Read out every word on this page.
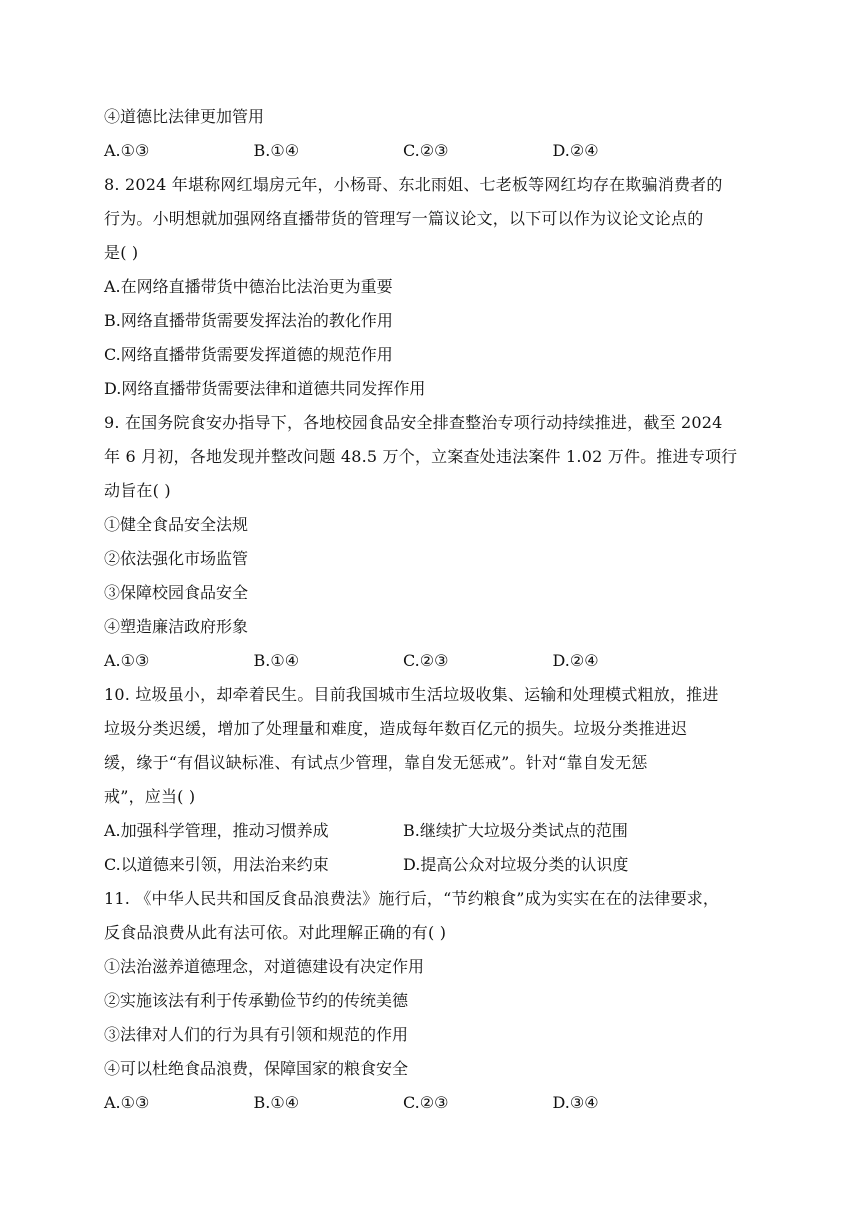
④道德比法律更加管用
A.①③	B.①④	C.②③	D.②④
8. 2024 年堪称网红塌房元年，小杨哥、东北雨姐、七老板等网红均存在欺骗消费者的
行为。小明想就加强网络直播带货的管理写一篇议论文，以下可以作为议论文论点的
是( )
A.在网络直播带货中德治比法治更为重要
B.网络直播带货需要发挥法治的教化作用
C.网络直播带货需要发挥道德的规范作用
D.网络直播带货需要法律和道德共同发挥作用
9. 在国务院食安办指导下，各地校园食品安全排查整治专项行动持续推进，截至 2024
年 6 月初，各地发现并整改问题 48.5 万个，立案查处违法案件 1.02 万件。推进专项行
动旨在( )
①健全食品安全法规
②依法强化市场监管
③保障校园食品安全
④塑造廉洁政府形象
A.①③	B.①④	C.②③	D.②④
10. 垃圾虽小，却牵着民生。目前我国城市生活垃圾收集、运输和处理模式粗放，推进
垃圾分类迟缓，增加了处理量和难度，造成每年数百亿元的损失。垃圾分类推进迟
缓，缘于“有倡议缺标准、有试点少管理，靠自发无惩戒”。针对“靠自发无惩
戒”，应当( )
A.加强科学管理，推动习惯养成	B.继续扩大垃圾分类试点的范围
C.以道德来引领，用法治来约束	D.提高公众对垃圾分类的认识度
11. 《中华人民共和国反食品浪费法》施行后，“节约粮食”成为实实在在的法律要求，
反食品浪费从此有法可依。对此理解正确的有( )
①法治滋养道德理念，对道德建设有决定作用
②实施该法有利于传承勤俭节约的传统美德
③法律对人们的行为具有引领和规范的作用
④可以杜绝食品浪费，保障国家的粮食安全
A.①③	B.①④	C.②③	D.③④
